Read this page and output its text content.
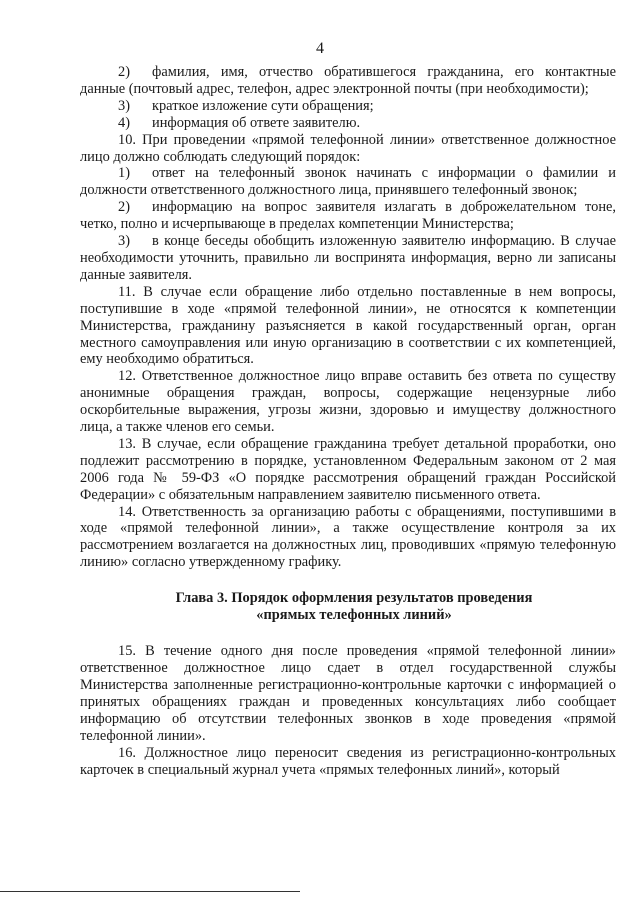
4

2) фамилия, имя, отчество обратившегося гражданина, его контактные данные (почтовый адрес, телефон, адрес электронной почты (при необходимости);

3)	краткое изложение сути обращения;
4)	информация об ответе заявителю.

10. При проведении «прямой телефонной линии» ответственное должностное лицо должно соблюдать следующий порядок:

1) ответ на телефонный звонок начинать с информации о фамилии и должности ответственного должностного лица, принявшего телефонный звонок;

2) информацию на вопрос заявителя излагать в доброжелательном тоне, четко, полно и исчерпывающе в пределах компетенции Министерства;

3) в конце беседы обобщить изложенную заявителю информацию. В случае необходимости уточнить, правильно ли воспринята информация, верно ли записаны данные заявителя.

11. В случае если обращение либо отдельно поставленные в нем вопросы, поступившие в ходе «прямой телефонной линии», не относятся к компетенции Министерства, гражданину разъясняется в какой государственный орган, орган местного самоуправления или иную организацию в соответствии с их компетенцией, ему необходимо обратиться.

12. Ответственное должностное лицо вправе оставить без ответа по существу анонимные обращения граждан, вопросы, содержащие нецензурные либо оскорбительные выражения, угрозы жизни, здоровью и имуществу должностного лица, а также членов его семьи.

13. В случае, если обращение гражданина требует детальной проработки, оно подлежит рассмотрению в порядке, установленном Федеральным законом от 2 мая 2006 года № 59-ФЗ «О порядке рассмотрения обращений граждан Российской Федерации» с обязательным направлением заявителю письменного ответа.

14. Ответственность за организацию работы с обращениями, поступившими в ходе «прямой телефонной линии», а также осуществление контроля за их рассмотрением возлагается на должностных лиц, проводивших «прямую телефонную линию» согласно утвержденному графику.

Глава 3. Порядок оформления результатов проведения
«прямых телефонных линий»

15. В течение одного дня после проведения «прямой телефонной линии» ответственное должностное лицо сдает в отдел государственной службы Министерства заполненные регистрационно-контрольные карточки с информацией о принятых обращениях граждан и проведенных консультациях либо сообщает информацию об отсутствии телефонных звонков в ходе проведения «прямой телефонной линии».

16. Должностное лицо переносит сведения из регистрационно-контрольных карточек в специальный журнал учета «прямых телефонных линий», который
